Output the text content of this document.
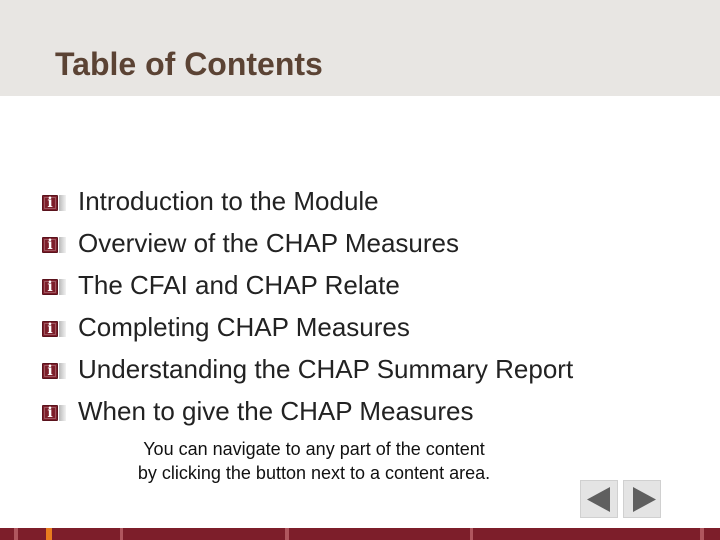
Table of Contents
i Introduction to the Module
i Overview of the CHAP Measures
i The CFAI and CHAP Relate
i Completing CHAP Measures
i Understanding the CHAP Summary Report
i When to give the CHAP Measures
You can navigate to any part of the content
by clicking the button next to a content area.
